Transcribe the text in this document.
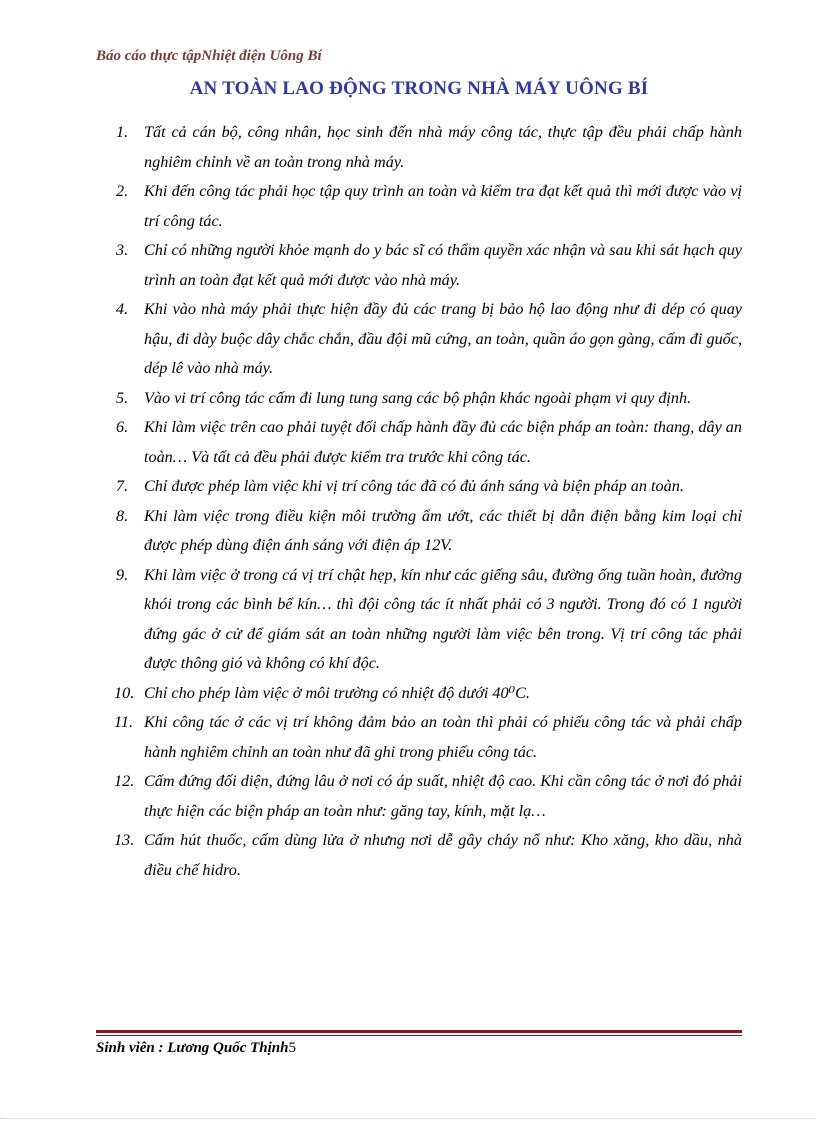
Báo cáo thực tậpNhiệt điện Uông Bí
AN TOÀN LAO ĐỘNG TRONG NHÀ MÁY UÔNG BÍ
1. Tất cả cán bộ, công nhân, học sinh đến nhà máy công tác, thực tập đều phải chấp hành nghiêm chỉnh về an toàn trong nhà máy.
2. Khi đến công tác phải học tập quy trình an toàn và kiểm tra đạt kết quả thì mới được vào vị trí công tác.
3. Chỉ có những người khỏe mạnh do y bác sĩ có thẩm quyền xác nhận và sau khi sát hạch quy trình an toàn đạt kết quả mới được vào nhà máy.
4. Khi vào nhà máy phải thực hiện đầy đủ các trang bị bảo hộ lao động như đi dép có quay hậu, đi dày buộc dây chắc chắn, đầu đội mũ cứng, an toàn, quần áo gọn gàng, cấm đi guốc, dép lê vào nhà máy.
5. Vào vi trí công tác cấm đi lung tung sang các bộ phận khác ngoài phạm vi quy định.
6. Khi làm việc trên cao phải tuyệt đối chấp hành đầy đủ các biện pháp an toàn: thang, dây an toàn… Và tất cả đều phải được kiểm tra trước khi công tác.
7. Chỉ được phép làm việc khi vị trí công tác đã có đủ ánh sáng và biện pháp an toàn.
8. Khi làm việc trong điều kiện môi trường ẩm ướt, các thiết bị dẫn điện bằng kim loại chỉ được phép dùng điện ánh sáng với điện áp 12V.
9. Khi làm việc ở trong cá vị trí chật hẹp, kín như các giếng sâu, đường ống tuần hoàn, đường khói trong các bình bể kín… thì đội công tác ít nhất phải có 3 người. Trong đó có 1 người đứng gác ở cử để giám sát an toàn những người làm việc bên trong. Vị trí công tác phải được thông gió và không có khí độc.
10. Chỉ cho phép làm việc ở môi trường có nhiệt độ dưới 40⁰C.
11. Khi công tác ở các vị trí không đảm bảo an toàn thì phải có phiếu công tác và phải chấp hành nghiêm chỉnh an toàn như đã ghi trong phiếu công tác.
12. Cấm đứng đối diện, đứng lâu ở nơi có áp suất, nhiệt độ cao. Khi cần công tác ở nơi đó phải thực hiện các biện pháp an toàn như: găng tay, kính, mặt lạ…
13. Cấm hút thuốc, cấm dùng lửa ở nhưng nơi dễ gây cháy nổ như: Kho xăng, kho dầu, nhà điều chế hidro.
Sinh viên : Lương Quốc Thịnh5
